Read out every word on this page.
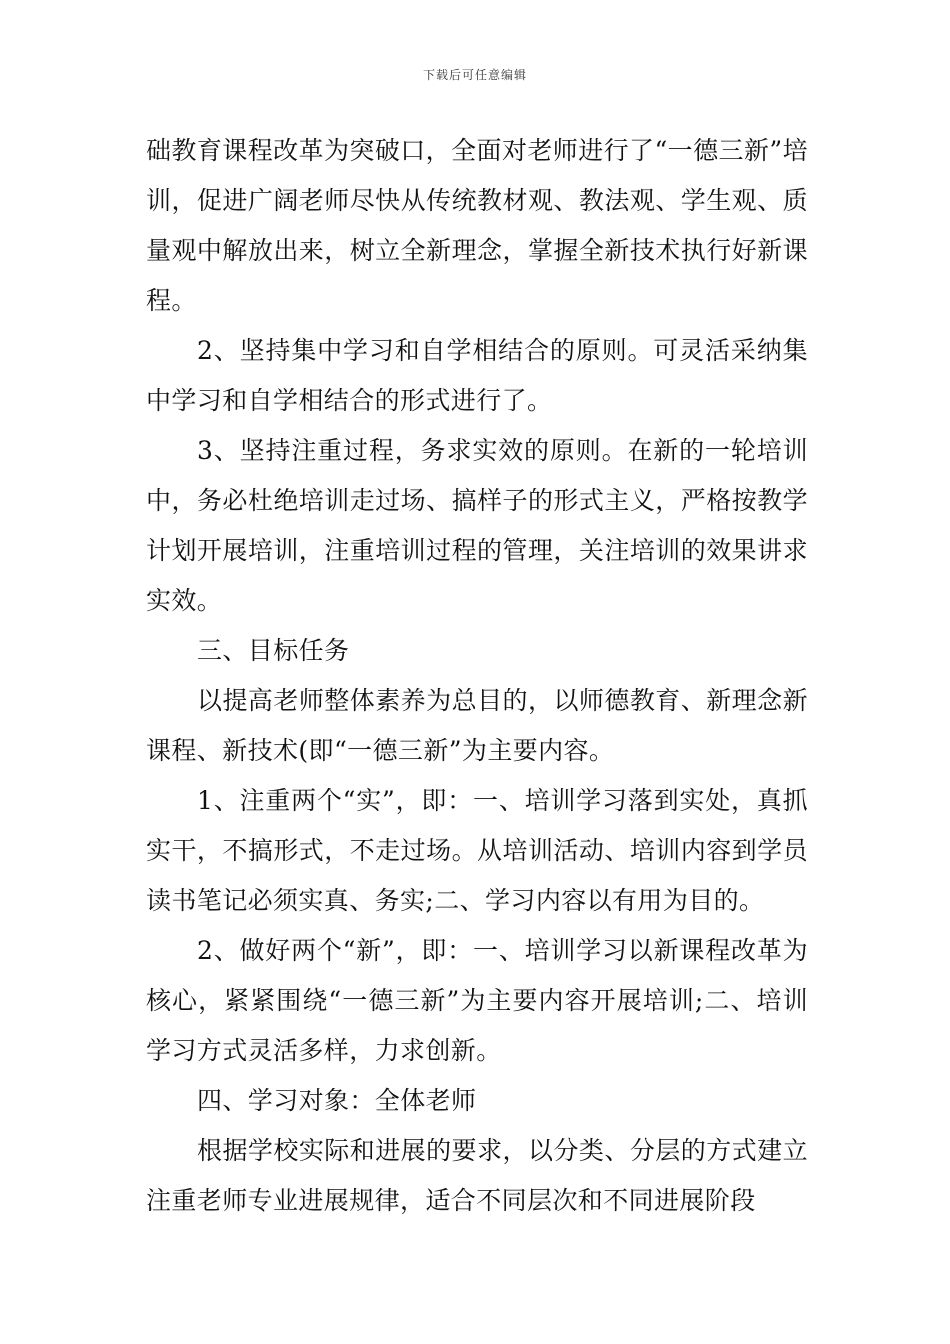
下载后可任意编辑

础教育课程改革为突破口，全面对老师进行了“一德三新”培训，促进广阔老师尽快从传统教材观、教法观、学生观、质量观中解放出来，树立全新理念，掌握全新技术执行好新课程。

2、坚持集中学习和自学相结合的原则。可灵活采纳集中学习和自学相结合的形式进行了。

3、坚持注重过程，务求实效的原则。在新的一轮培训中，务必杜绝培训走过场、搞样子的形式主义，严格按教学计划开展培训，注重培训过程的管理，关注培训的效果讲求实效。

三、目标任务

以提高老师整体素养为总目的，以师德教育、新理念新课程、新技术(即“一德三新”为主要内容。

1、注重两个“实”，即：一、培训学习落到实处，真抓实干，不搞形式，不走过场。从培训活动、培训内容到学员读书笔记必须实真、务实;二、学习内容以有用为目的。

2、做好两个“新”，即：一、培训学习以新课程改革为核心，紧紧围绕“一德三新”为主要内容开展培训;二、培训学习方式灵活多样，力求创新。

四、学习对象：全体老师

根据学校实际和进展的要求，以分类、分层的方式建立注重老师专业进展规律，适合不同层次和不同进展阶段
